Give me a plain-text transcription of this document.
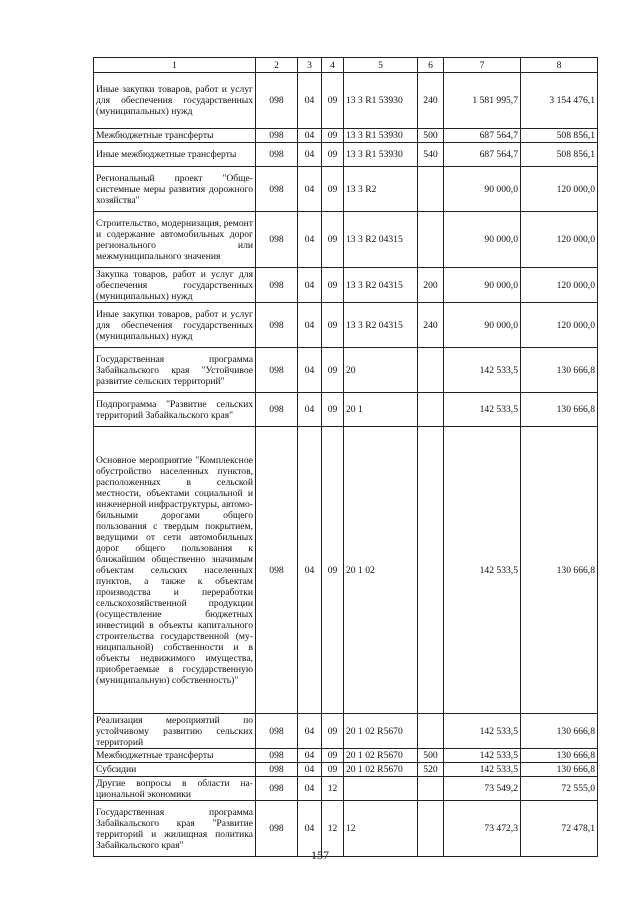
1	2	3	4	5	6	7	8
Иные закупки товаров, работ и услуг для обеспечения государственных (муниципальных) нужд	098	04	09	13 3 R1 53930	240	1 581 995,7	3 154 476,1
Межбюджетные трансферты	098	04	09	13 3 R1 53930	500	687 564,7	508 856,1
Иные межбюджетные трансферты	098	04	09	13 3 R1 53930	540	687 564,7	508 856,1
Региональный проект "Общесистемные меры развития дорожного хозяйства"	098	04	09	13 3 R2		90 000,0	120 000,0
Строительство, модернизация, ремонт и содержание автомобильных дорог регионального или межмуниципального значения	098	04	09	13 3 R2 04315		90 000,0	120 000,0
Закупка товаров, работ и услуг для обеспечения государственных (муниципальных) нужд	098	04	09	13 3 R2 04315	200	90 000,0	120 000,0
Иные закупки товаров, работ и услуг для обеспечения государственных (муниципальных) нужд	098	04	09	13 3 R2 04315	240	90 000,0	120 000,0
Государственная программа Забайкальского края "Устойчивое развитие сельских территорий"	098	04	09	20		142 533,5	130 666,8
Подпрограмма "Развитие сельских территорий Забайкальского края"	098	04	09	20 1		142 533,5	130 666,8
Основное мероприятие "Комплексное обустройство населенных пунктов, расположенных в сельской местности, объектами социальной и инженерной инфраструктуры, автомобильными дорогами общего пользования с твердым покрытием, ведущими от сети автомобильных дорог общего пользования к ближайшим общественно значимым объектам сельских населенных пунктов, а также к объектам производства и переработки сельскохозяйственной продукции (осуществление бюджетных инвестиций в объекты капитального строительства государственной (муниципальной) собственности и в объекты недвижимого имущества, приобретаемые в государственную (муниципальную) собственность)"	098	04	09	20 1 02		142 533,5	130 666,8
Реализация мероприятий по устойчивому развитию сельских территорий	098	04	09	20 1 02 R5670		142 533,5	130 666,8
Межбюджетные трансферты	098	04	09	20 1 02 R5670	500	142 533,5	130 666,8
Субсидии	098	04	09	20 1 02 R5670	520	142 533,5	130 666,8
Другие вопросы в области национальной экономики	098	04	12			73 549,2	72 555,0
Государственная программа Забайкальского края "Развитие территорий и жилищная политика Забайкальского края"	098	04	12	12		73 472,3	72 478,1
157
